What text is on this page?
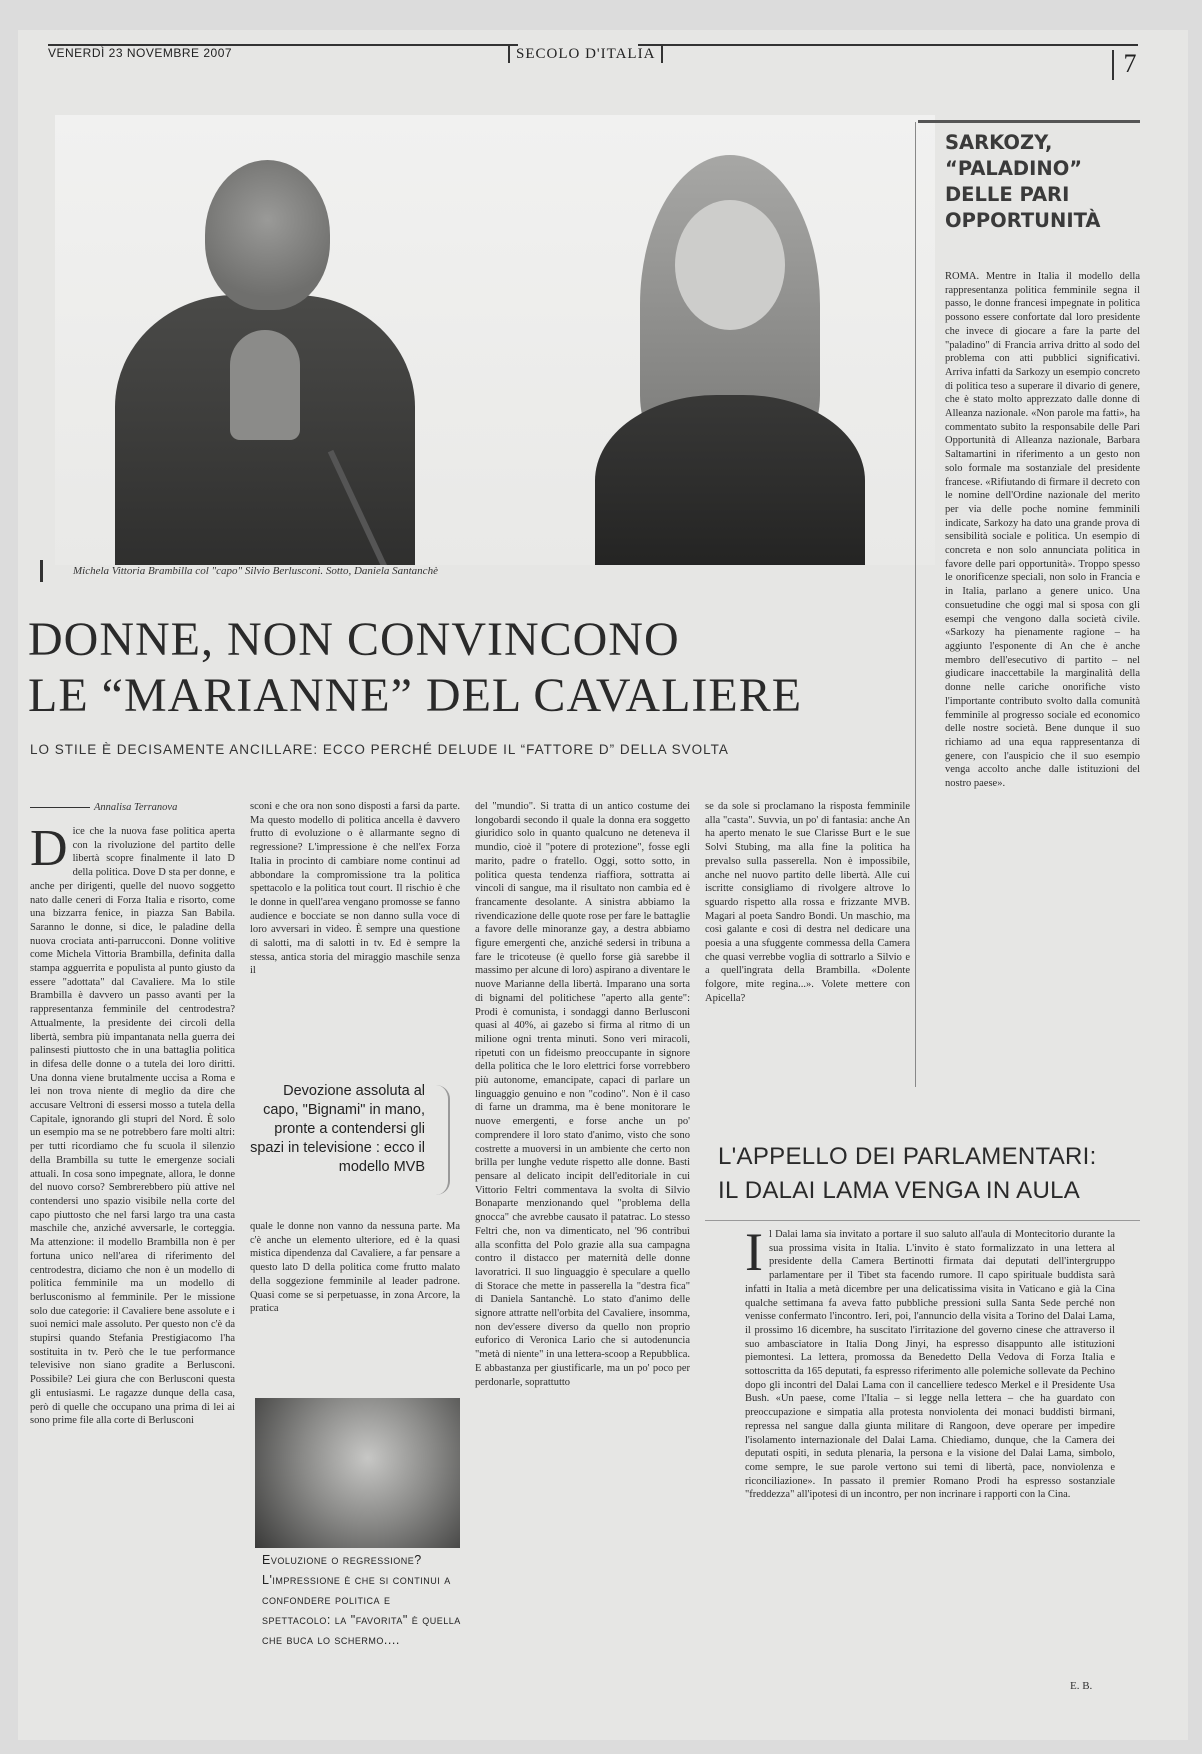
VENERDÌ 23 NOVEMBRE 2007	SECOLO D'ITALIA	7
Michela Vittoria Brambilla col "capo" Silvio Berlusconi. Sotto, Daniela Santanchè
DONNE, NON CONVINCONO
LE “MARIANNE” DEL CAVALIERE
LO STILE È DECISAMENTE ANCILLARE: ECCO PERCHÉ DELUDE IL “FATTORE D” DELLA SVOLTA
Annalisa Terranova
D ice che la nuova fase politica aperta con la rivoluzione del partito delle libertà scopre finalmente il lato D della politica. Dove D sta per donne, e anche per dirigenti, quelle del nuovo soggetto nato dalle ceneri di Forza Italia e risorto, come una bizzarra fenice, in piazza San Babila. Saranno le donne, si dice, le paladine della nuova crociata anti-parrucconi. Donne volitive come Michela Vittoria Brambilla, definita dalla stampa agguerrita e populista al punto giusto da essere "adottata" dal Cavaliere. Ma lo stile Brambilla è davvero un passo avanti per la rappresentanza femminile del centrodestra? Attualmente, la presidente dei circoli della libertà, sembra più impantanata nella guerra dei palinsesti piuttosto che in una battaglia politica in difesa delle donne o a tutela dei loro diritti. Una donna viene brutalmente uccisa a Roma e lei non trova niente di meglio da dire che accusare Veltroni di essersi mosso a tutela della Capitale, ignorando gli stupri del Nord. È solo un esempio ma se ne potrebbero fare molti altri: per tutti ricordiamo che fu scuola il silenzio della Brambilla su tutte le emergenze sociali attuali. In cosa sono impegnate, allora, le donne del nuovo corso? Sembrerebbero più attive nel contendersi uno spazio visibile nella corte del capo piuttosto che nel farsi largo tra una casta maschile che, anziché avversarle, le corteggia. Ma attenzione: il modello Brambilla non è per fortuna unico nell'area di riferimento del centrodestra, diciamo che non è un modello di politica femminile ma un modello di berlusconismo al femminile. Per le missione solo due categorie: il Cavaliere bene assolute e i suoi nemici male assoluto. Per questo non c'è da stupirsi quando Stefania Prestigiacomo l'ha sostituita in tv. Però che le tue performance televisive non siano gradite a Berlusconi. Possibile? Lei giura che con Berlusconi questa gli entusiasmi. Le ragazze dunque della casa, però di quelle che occupano una prima di lei ai sono prime file alla corte di Berlusconi
sconi e che ora non sono disposti a farsi da parte. Ma questo modello di politica ancella è davvero frutto di evoluzione o è allarmante segno di regressione? L'impressione è che nell'ex Forza Italia in procinto di cambiare nome continui ad abbondare la compromissione tra la politica spettacolo e la politica tout court. Il rischio è che le donne in quell'area vengano promosse se fanno audience e bocciate se non danno sulla voce di loro avversari in video. È sempre una questione di salotti, ma di salotti in tv. Ed è sempre la stessa, antica storia del miraggio maschile senza il
Devozione assoluta al capo, "Bignami" in mano, pronte a contendersi gli spazi in televisione : ecco il modello MVB
quale le donne non vanno da nessuna parte. Ma c'è anche un elemento ulteriore, ed è la quasi mistica dipendenza dal Cavaliere, a far pensare a questo lato D della politica come frutto malato della soggezione femminile al leader padrone. Quasi come se si perpetuasse, in zona Arcore, la pratica
Evoluzione o regressione? L'impressione è che si continui a confondere politica e spettacolo: la "favorita" è quella che buca lo schermo....
del "mundio". Si tratta di un antico costume dei longobardi secondo il quale la donna era soggetto giuridico solo in quanto qualcuno ne deteneva il mundio, cioè il "potere di protezione", fosse egli marito, padre o fratello. Oggi, sotto sotto, in politica questa tendenza riaffiora, sottratta ai vincoli di sangue, ma il risultato non cambia ed è francamente desolante. A sinistra abbiamo la rivendicazione delle quote rose per fare le battaglie a favore delle minoranze gay, a destra abbiamo figure emergenti che, anziché sedersi in tribuna a fare le tricoteuse (è quello forse già sarebbe il massimo per alcune di loro) aspirano a diventare le nuove Marianne della libertà. Imparano una sorta di bignami del politichese "aperto alla gente": Prodi è comunista, i sondaggi danno Berlusconi quasi al 40%, ai gazebo si firma al ritmo di un milione ogni trenta minuti. Sono veri miracoli, ripetuti con un fideismo preoccupante in signore della politica che le loro elettrici forse vorrebbero più autonome, emancipate, capaci di parlare un linguaggio genuino e non "codino". Non è il caso di farne un dramma, ma è bene monitorare le nuove emergenti, e forse anche un po' comprendere il loro stato d'animo, visto che sono costrette a muoversi in un ambiente che certo non brilla per lunghe vedute rispetto alle donne. Basti pensare al delicato incipit dell'editoriale in cui Vittorio Feltri commentava la svolta di Silvio Bonaparte menzionando quel "problema della gnocca" che avrebbe causato il patatrac. Lo stesso Feltri che, non va dimenticato, nel '96 contribuì alla sconfitta del Polo grazie alla sua campagna contro il distacco per maternità delle donne lavoratrici. Il suo linguaggio è speculare a quello di Storace che mette in passerella la "destra fica" di Daniela Santanchè. Lo stato d'animo delle signore attratte nell'orbita del Cavaliere, insomma, non dev'essere diverso da quello non proprio euforico di Veronica Lario che si autodenuncia "metà di niente" in una lettera-scoop a Repubblica. E abbastanza per giustificarle, ma un po' poco per perdonarle, soprattutto
se da sole si proclamano la risposta femminile alla "casta". Suvvia, un po' di fantasia: anche An ha aperto menato le sue Clarisse Burt e le sue Solvi Stubing, ma alla fine la politica ha prevalso sulla passerella. Non è impossibile, anche nel nuovo partito delle libertà. Alle cui iscritte consigliamo di rivolgere altrove lo sguardo rispetto alla rossa e frizzante MVB. Magari al poeta Sandro Bondi. Un maschio, ma così galante e così di destra nel dedicare una poesia a una sfuggente commessa della Camera che quasi verrebbe voglia di sottrarlo a Silvio e a quell'ingrata della Brambilla. «Dolente folgore, mite regina...». Volete mettere con Apicella?
SARKOZY, “PALADINO” DELLE PARI OPPORTUNITÀ
ROMA. Mentre in Italia il modello della rappresentanza politica femminile segna il passo, le donne francesi impegnate in politica possono essere confortate dal loro presidente che invece di giocare a fare la parte del "paladino" di Francia arriva dritto al sodo del problema con atti pubblici significativi. Arriva infatti da Sarkozy un esempio concreto di politica teso a superare il divario di genere, che è stato molto apprezzato dalle donne di Alleanza nazionale. «Non parole ma fatti», ha commentato subito la responsabile delle Pari Opportunità di Alleanza nazionale, Barbara Saltamartini in riferimento a un gesto non solo formale ma sostanziale del presidente francese. «Rifiutando di firmare il decreto con le nomine dell'Ordine nazionale del merito per via delle poche nomine femminili indicate, Sarkozy ha dato una grande prova di sensibilità sociale e politica. Un esempio di concreta e non solo annunciata politica in favore delle pari opportunità». Troppo spesso le onorificenze speciali, non solo in Francia e in Italia, parlano a genere unico. Una consuetudine che oggi mal si sposa con gli esempi che vengono dalla società civile. «Sarkozy ha pienamente ragione – ha aggiunto l'esponente di An che è anche membro dell'esecutivo di partito – nel giudicare inaccettabile la marginalità della donne nelle cariche onorifiche visto l'importante contributo svolto dalla comunità femminile al progresso sociale ed economico delle nostre società. Bene dunque il suo richiamo ad una equa rappresentanza di genere, con l'auspicio che il suo esempio venga accolto anche dalle istituzioni del nostro paese».
L'APPELLO DEI PARLAMENTARI:
IL DALAI LAMA VENGA IN AULA
I l Dalai lama sia invitato a portare il suo saluto all'aula di Montecitorio durante la sua prossima visita in Italia. L'invito è stato formalizzato in una lettera al presidente della Camera Bertinotti firmata dai deputati dell'intergruppo parlamentare per il Tibet sta facendo rumore. Il capo spirituale buddista sarà infatti in Italia a metà dicembre per una delicatissima visita in Vaticano e già la Cina qualche settimana fa aveva fatto pubbliche pressioni sulla Santa Sede perché non venisse confermato l'incontro. Ieri, poi, l'annuncio della visita a Torino del Dalai Lama, il prossimo 16 dicembre, ha suscitato l'irritazione del governo cinese che attraverso il suo ambasciatore in Italia Dong Jinyi, ha espresso disappunto alle istituzioni piemontesi. La lettera, promossa da Benedetto Della Vedova di Forza Italia e sottoscritta da 165 deputati, fa espresso riferimento alle polemiche sollevate da Pechino dopo gli incontri del Dalai Lama con il cancelliere tedesco Merkel e il Presidente Usa Bush. «Un paese, come l'Italia – si legge nella lettera – che ha guardato con preoccupazione e simpatia alla protesta nonviolenta dei monaci buddisti birmani, repressa nel sangue dalla giunta militare di Rangoon, deve operare per impedire l'isolamento internazionale del Dalai Lama. Chiediamo, dunque, che la Camera dei deputati ospiti, in seduta plenaria, la persona e la visione del Dalai Lama, simbolo, come sempre, le sue parole vertono sui temi di libertà, pace, nonviolenza e riconciliazione». In passato il premier Romano Prodi ha espresso sostanziale "freddezza" all'ipotesi di un incontro, per non incrinare i rapporti con la Cina.
E. B.
